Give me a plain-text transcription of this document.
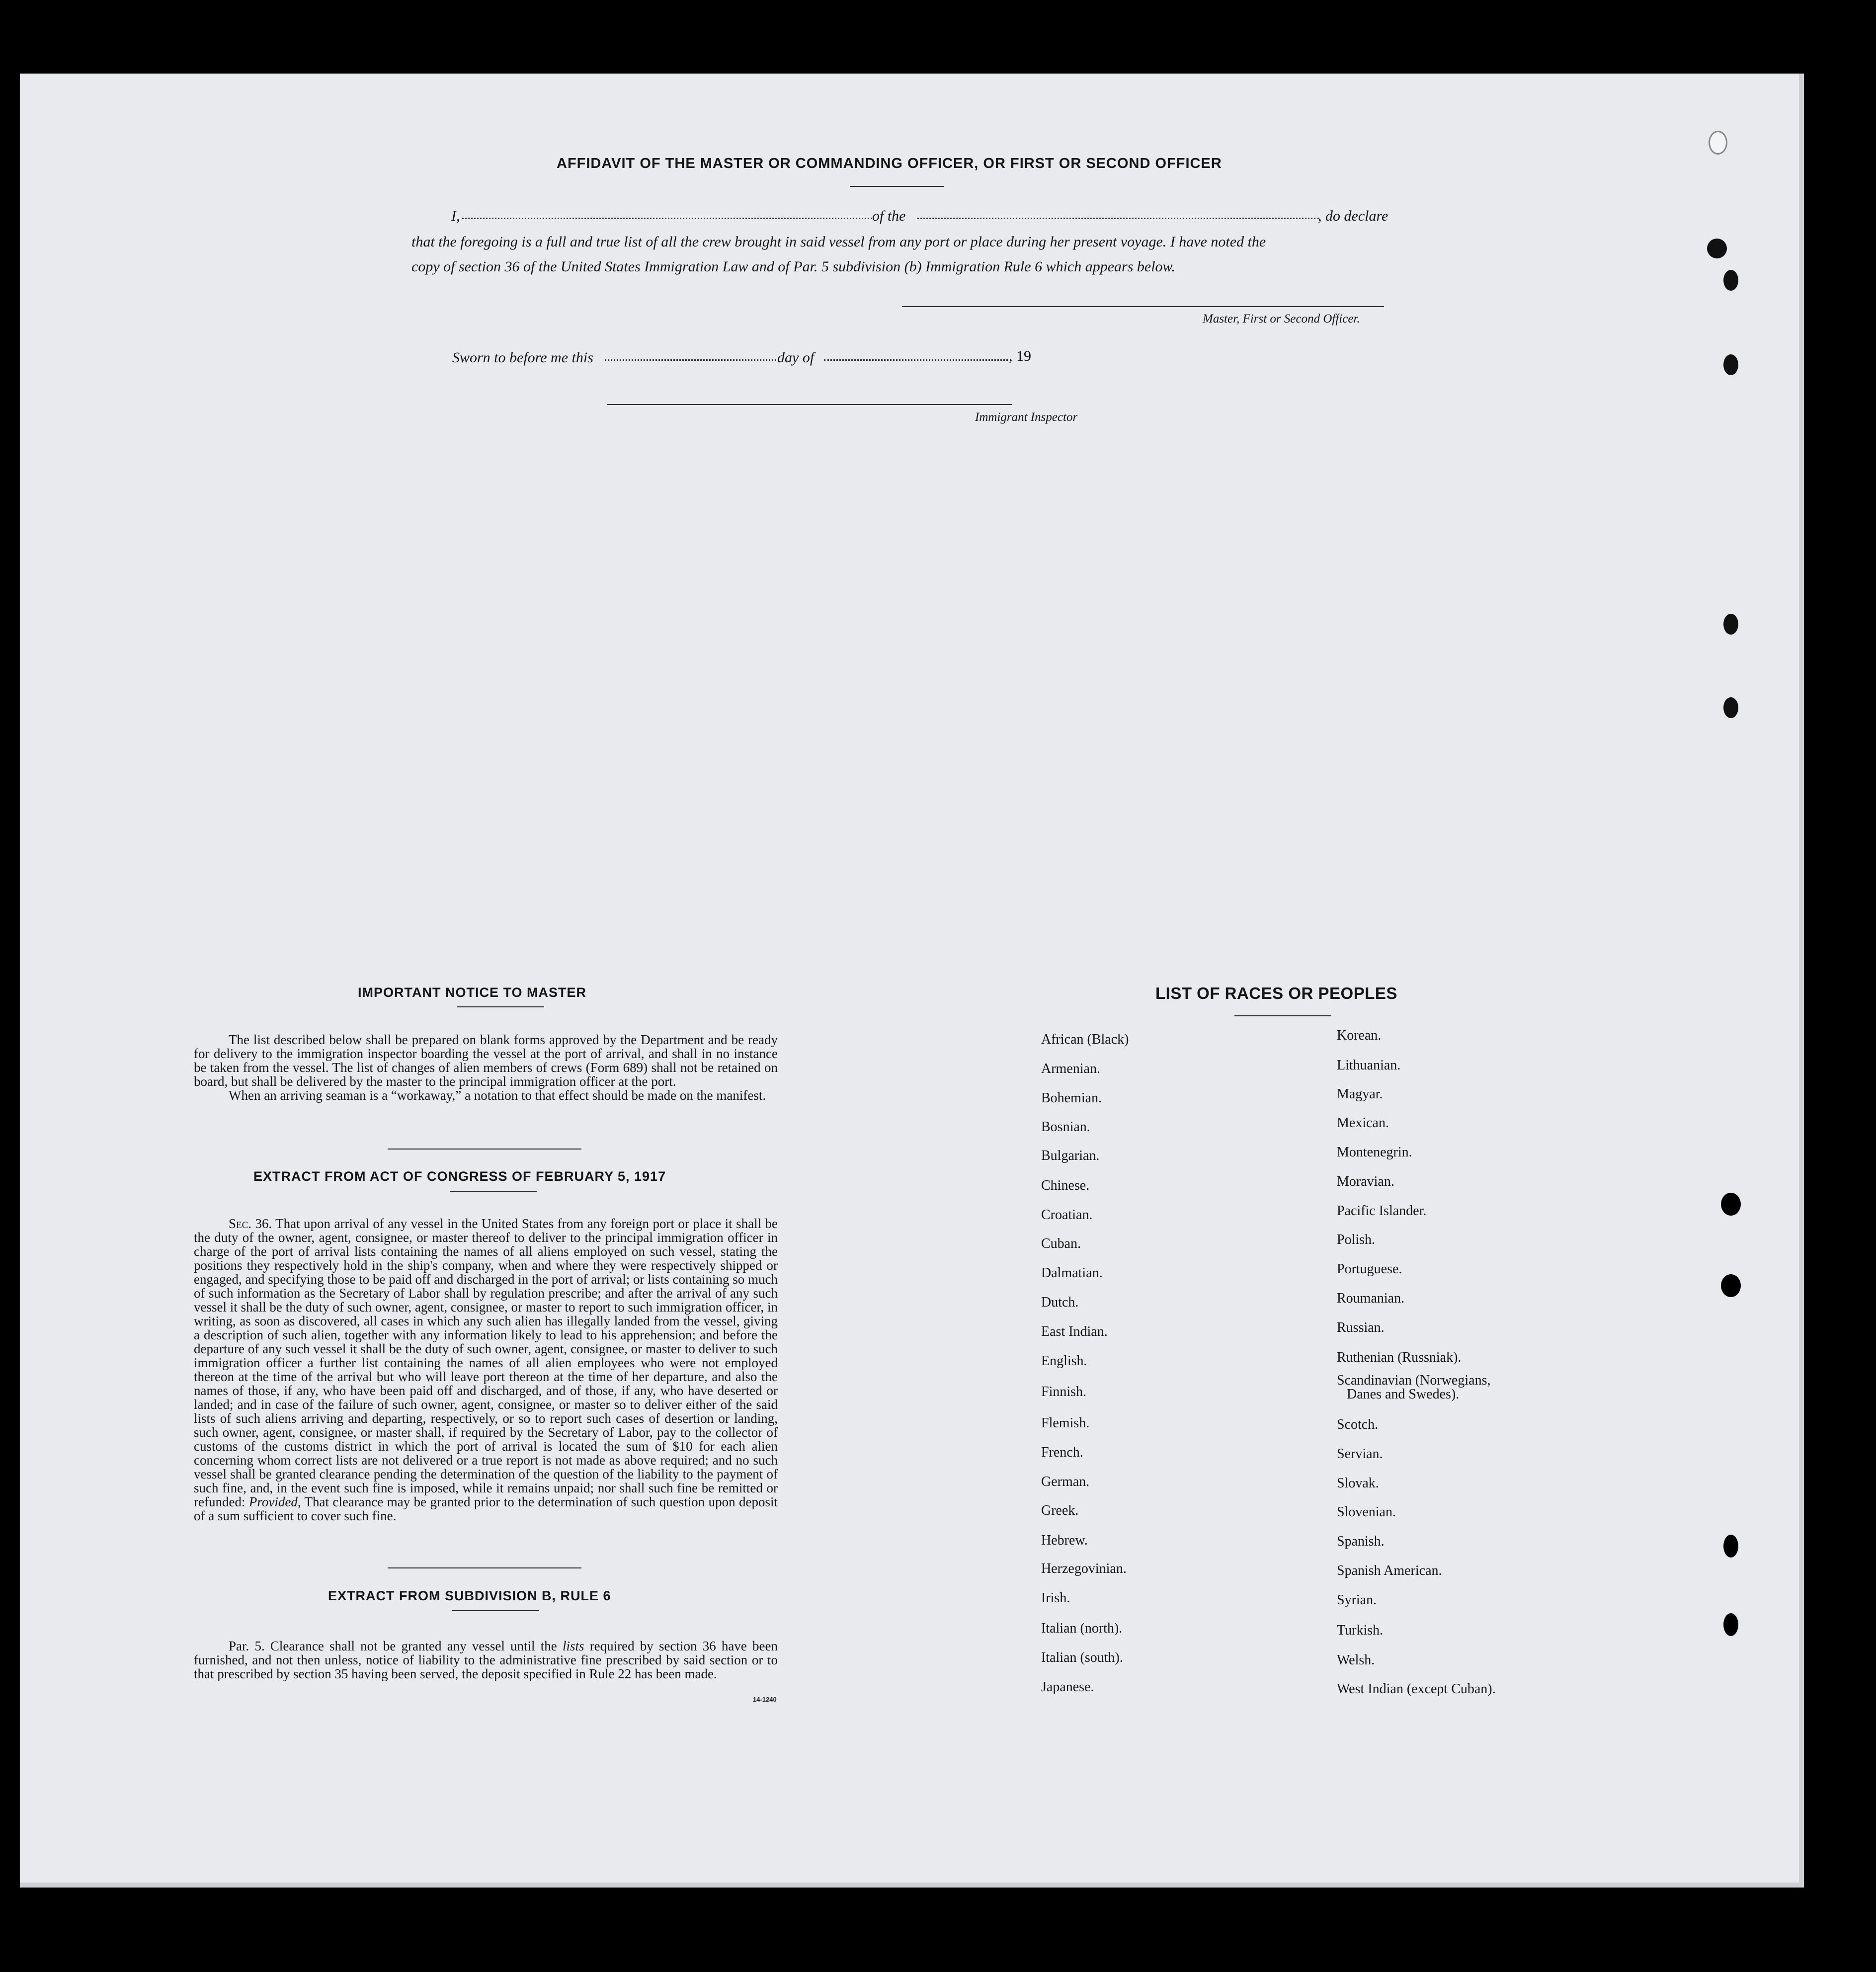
AFFIDAVIT OF THE MASTER OR COMMANDING OFFICER, OR FIRST OR SECOND OFFICER
I,	of the	, do declare
that the foregoing is a full and true list of all the crew brought in said vessel from any port or place during her present voyage. I have noted the
copy of section 36 of the United States Immigration Law and of Par. 5 subdivision (b) Immigration Rule 6 which appears below.
Master, First or Second Officer.
Sworn to before me this	day of	, 19
Immigrant Inspector
IMPORTANT NOTICE TO MASTER

The list described below shall be prepared on blank forms approved by the Department and be ready for delivery to the immigration inspector boarding the vessel at the port of arrival, and shall in no instance be taken from the vessel. The list of changes of alien members of crews (Form 689) shall not be retained on board, but shall be delivered by the master to the principal immigration officer at the port.

When an arriving seaman is a “workaway,” a notation to that effect should be made on the manifest.

EXTRACT FROM ACT OF CONGRESS OF FEBRUARY 5, 1917
Sec. 36. That upon arrival of any vessel in the United States from any foreign port or place it shall be the duty of the owner, agent, consignee, or master thereof to deliver to the principal immigration officer in charge of the port of arrival lists containing the names of all aliens employed on such vessel, stating the positions they respectively hold in the ship's company, when and where they were respectively shipped or engaged, and specifying those to be paid off and discharged in the port of arrival; or lists containing so much of such information as the Secretary of Labor shall by regulation prescribe; and after the arrival of any such vessel it shall be the duty of such owner, agent, consignee, or master to report to such immigration officer, in writing, as soon as discovered, all cases in which any such alien has illegally landed from the vessel, giving a description of such alien, together with any information likely to lead to his apprehension; and before the departure of any such vessel it shall be the duty of such owner, agent, consignee, or master to deliver to such immigration officer a further list containing the names of all alien employees who were not employed thereon at the time of the arrival but who will leave port thereon at the time of her departure, and also the names of those, if any, who have been paid off and discharged, and of those, if any, who have deserted or landed; and in case of the failure of such owner, agent, consignee, or master so to deliver either of the said lists of such aliens arriving and departing, respectively, or so to report such cases of desertion or landing, such owner, agent, consignee, or master shall, if required by the Secretary of Labor, pay to the collector of customs of the customs district in which the port of arrival is located the sum of $10 for each alien concerning whom correct lists are not delivered or a true report is not made as above required; and no such vessel shall be granted clearance pending the determination of the question of the liability to the payment of such fine, and, in the event such fine is imposed, while it remains unpaid; nor shall such fine be remitted or refunded: Provided, That clearance may be granted prior to the determination of such question upon deposit of a sum sufficient to cover such fine.
EXTRACT FROM SUBDIVISION B, RULE 6
Par. 5. Clearance shall not be granted any vessel until the lists required by section 36 have been furnished, and not then unless, notice of liability to the administrative fine prescribed by said section or to that prescribed by section 35 having been served, the deposit specified in Rule 22 has been made.
14-1240
LIST OF RACES OR PEOPLES
African (Black)
Armenian.
Bohemian.
Bosnian.
Bulgarian.
Chinese.
Croatian.
Cuban.
Dalmatian.
Dutch.
East Indian.
English.
Finnish.
Flemish.
French.
German.
Greek.
Hebrew.
Herzegovinian.
Irish.
Italian (north).
Italian (south).
Japanese.
Korean.
Lithuanian.
Magyar.
Mexican.
Montenegrin.
Moravian.
Pacific Islander.
Polish.
Portuguese.
Roumanian.
Russian.
Ruthenian (Russniak).
Scandinavian (Norwegians,
Danes and Swedes).
Scotch.
Servian.
Slovak.
Slovenian.
Spanish.
Spanish American.
Syrian.
Turkish.
Welsh.
West Indian (except Cuban).
